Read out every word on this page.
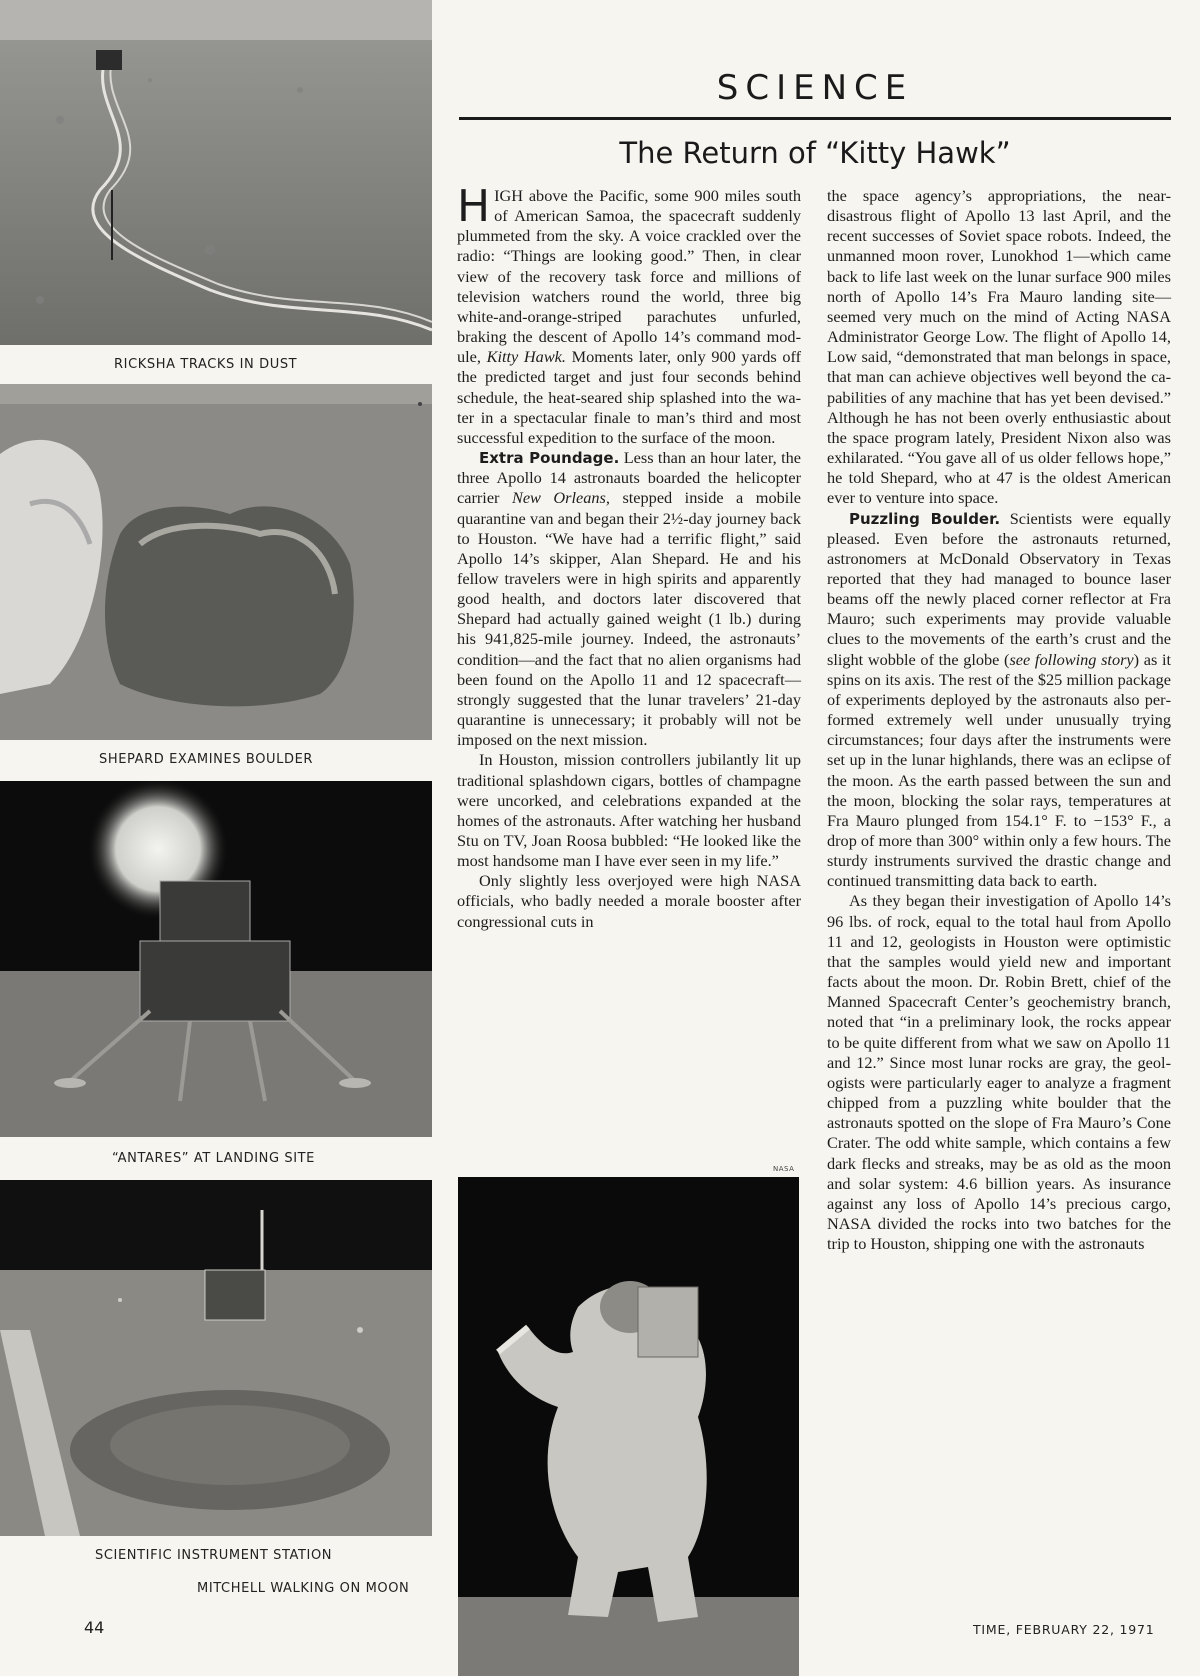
RICKSHA TRACKS IN DUST
SHEPARD EXAMINES BOULDER
“ANTARES” AT LANDING SITE
SCIENTIFIC INSTRUMENT STATION
MITCHELL WALKING ON MOON
SCIENCE
The Return of “Kitty Hawk”

HIGH above the Pacific, some 900 miles south of American Samoa, the spacecraft suddenly plummeted from the sky. A voice crackled over the radio: “Things are looking good.” Then, in clear view of the recovery task force and millions of television watchers round the world, three big white-and-orange-striped parachutes unfurled, braking the descent of Apollo 14’s command module, Kitty Hawk. Moments later, only 900 yards off the predicted target and just four seconds behind schedule, the heat-seared ship splashed into the water in a spectacular finale to man’s third and most successful expedition to the surface of the moon.

Extra Poundage. Less than an hour later, the three Apollo 14 astronauts boarded the helicopter carrier New Orleans, stepped inside a mobile quarantine van and began their 2½-day journey back to Houston. “We have had a terrific flight,” said Apollo 14’s skipper, Alan Shepard. He and his fellow travelers were in high spirits and apparently good health, and doctors later discovered that Shepard had actually gained weight (1 lb.) during his 941,825-mile journey. Indeed, the astronauts’ condition—and the fact that no alien organisms had been found on the Apollo 11 and 12 spacecraft—strongly suggested that the lunar travelers’ 21-day quarantine is unnecessary; it probably will not be imposed on the next mission.

In Houston, mission controllers jubilantly lit up traditional splashdown cigars, bottles of champagne were uncorked, and celebrations expanded at the homes of the astronauts. After watching her husband Stu on TV, Joan Roosa bubbled: “He looked like the most handsome man I have ever seen in my life.”

Only slightly less overjoyed were high NASA officials, who badly needed a morale booster after congressional cuts in

NASA

the space agency’s appropriations, the near-disastrous flight of Apollo 13 last April, and the recent successes of Soviet space robots. Indeed, the unmanned moon rover, Lunokhod 1—which came back to life last week on the lunar surface 900 miles north of Apollo 14’s Fra Mauro landing site—seemed very much on the mind of Acting NASA Administrator George Low. The flight of Apollo 14, Low said, “demonstrated that man belongs in space, that man can achieve objectives well beyond the capabilities of any machine that has yet been devised.” Although he has not been overly enthusiastic about the space program lately, President Nixon also was exhilarated. “You gave all of us older fellows hope,” he told Shepard, who at 47 is the oldest American ever to venture into space.

Puzzling Boulder. Scientists were equally pleased. Even before the astronauts returned, astronomers at McDonald Observatory in Texas reported that they had managed to bounce laser beams off the newly placed corner reflector at Fra Mauro; such experiments may provide valuable clues to the movements of the earth’s crust and the slight wobble of the globe (see following story) as it spins on its axis. The rest of the $25 million package of experiments deployed by the astronauts also performed extremely well under unusually trying circumstances; four days after the instruments were set up in the lunar highlands, there was an eclipse of the moon. As the earth passed between the sun and the moon, blocking the solar rays, temperatures at Fra Mauro plunged from 154.1° F. to −153° F., a drop of more than 300° within only a few hours. The sturdy instruments survived the drastic change and continued transmitting data back to earth.

As they began their investigation of Apollo 14’s 96 lbs. of rock, equal to the total haul from Apollo 11 and 12, geologists in Houston were optimistic that the samples would yield new and important facts about the moon. Dr. Robin Brett, chief of the Manned Spacecraft Center’s geochemistry branch, noted that “in a preliminary look, the rocks appear to be quite different from what we saw on Apollo 11 and 12.” Since most lunar rocks are gray, the geologists were particularly eager to analyze a fragment chipped from a puzzling white boulder that the astronauts spotted on the slope of Fra Mauro’s Cone Crater. The odd white sample, which contains a few dark flecks and streaks, may be as old as the moon and solar system: 4.6 billion years. As insurance against any loss of Apollo 14’s precious cargo, NASA divided the rocks into two batches for the trip to Houston, shipping one with the astronauts

44	TIME, FEBRUARY 22, 1971
